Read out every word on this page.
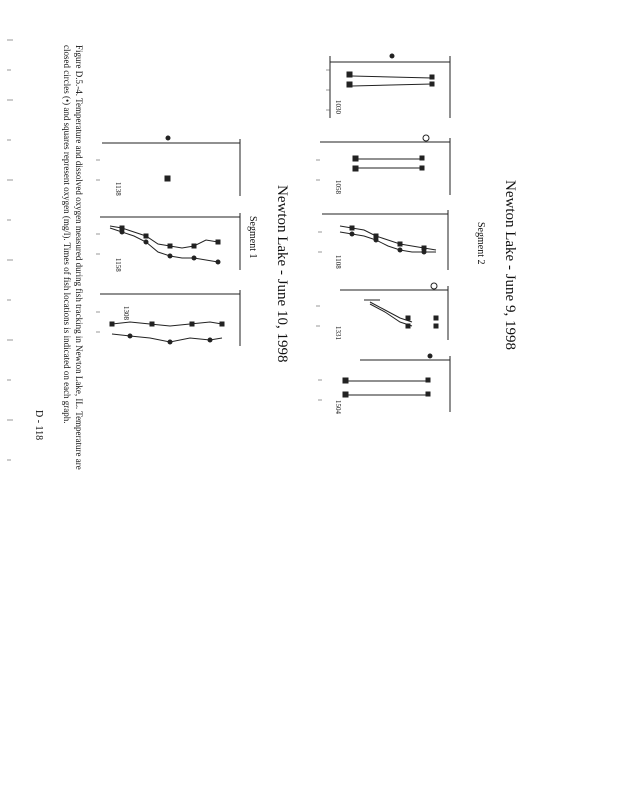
Newton Lake - June 9, 1998
Segment 2
Newton Lake - June 10, 1998
Segment 1
Figure D.5.-4. Temperature and dissolved oxygen measured during fish tracking in Newton Lake, IL. Temperature are
closed circles (•) and squares represent oxygen (mg/l). Times of fish locations is indicated on each graph.
D - 118
1030
1058
1108
1331
1504
1138
1158
1308
